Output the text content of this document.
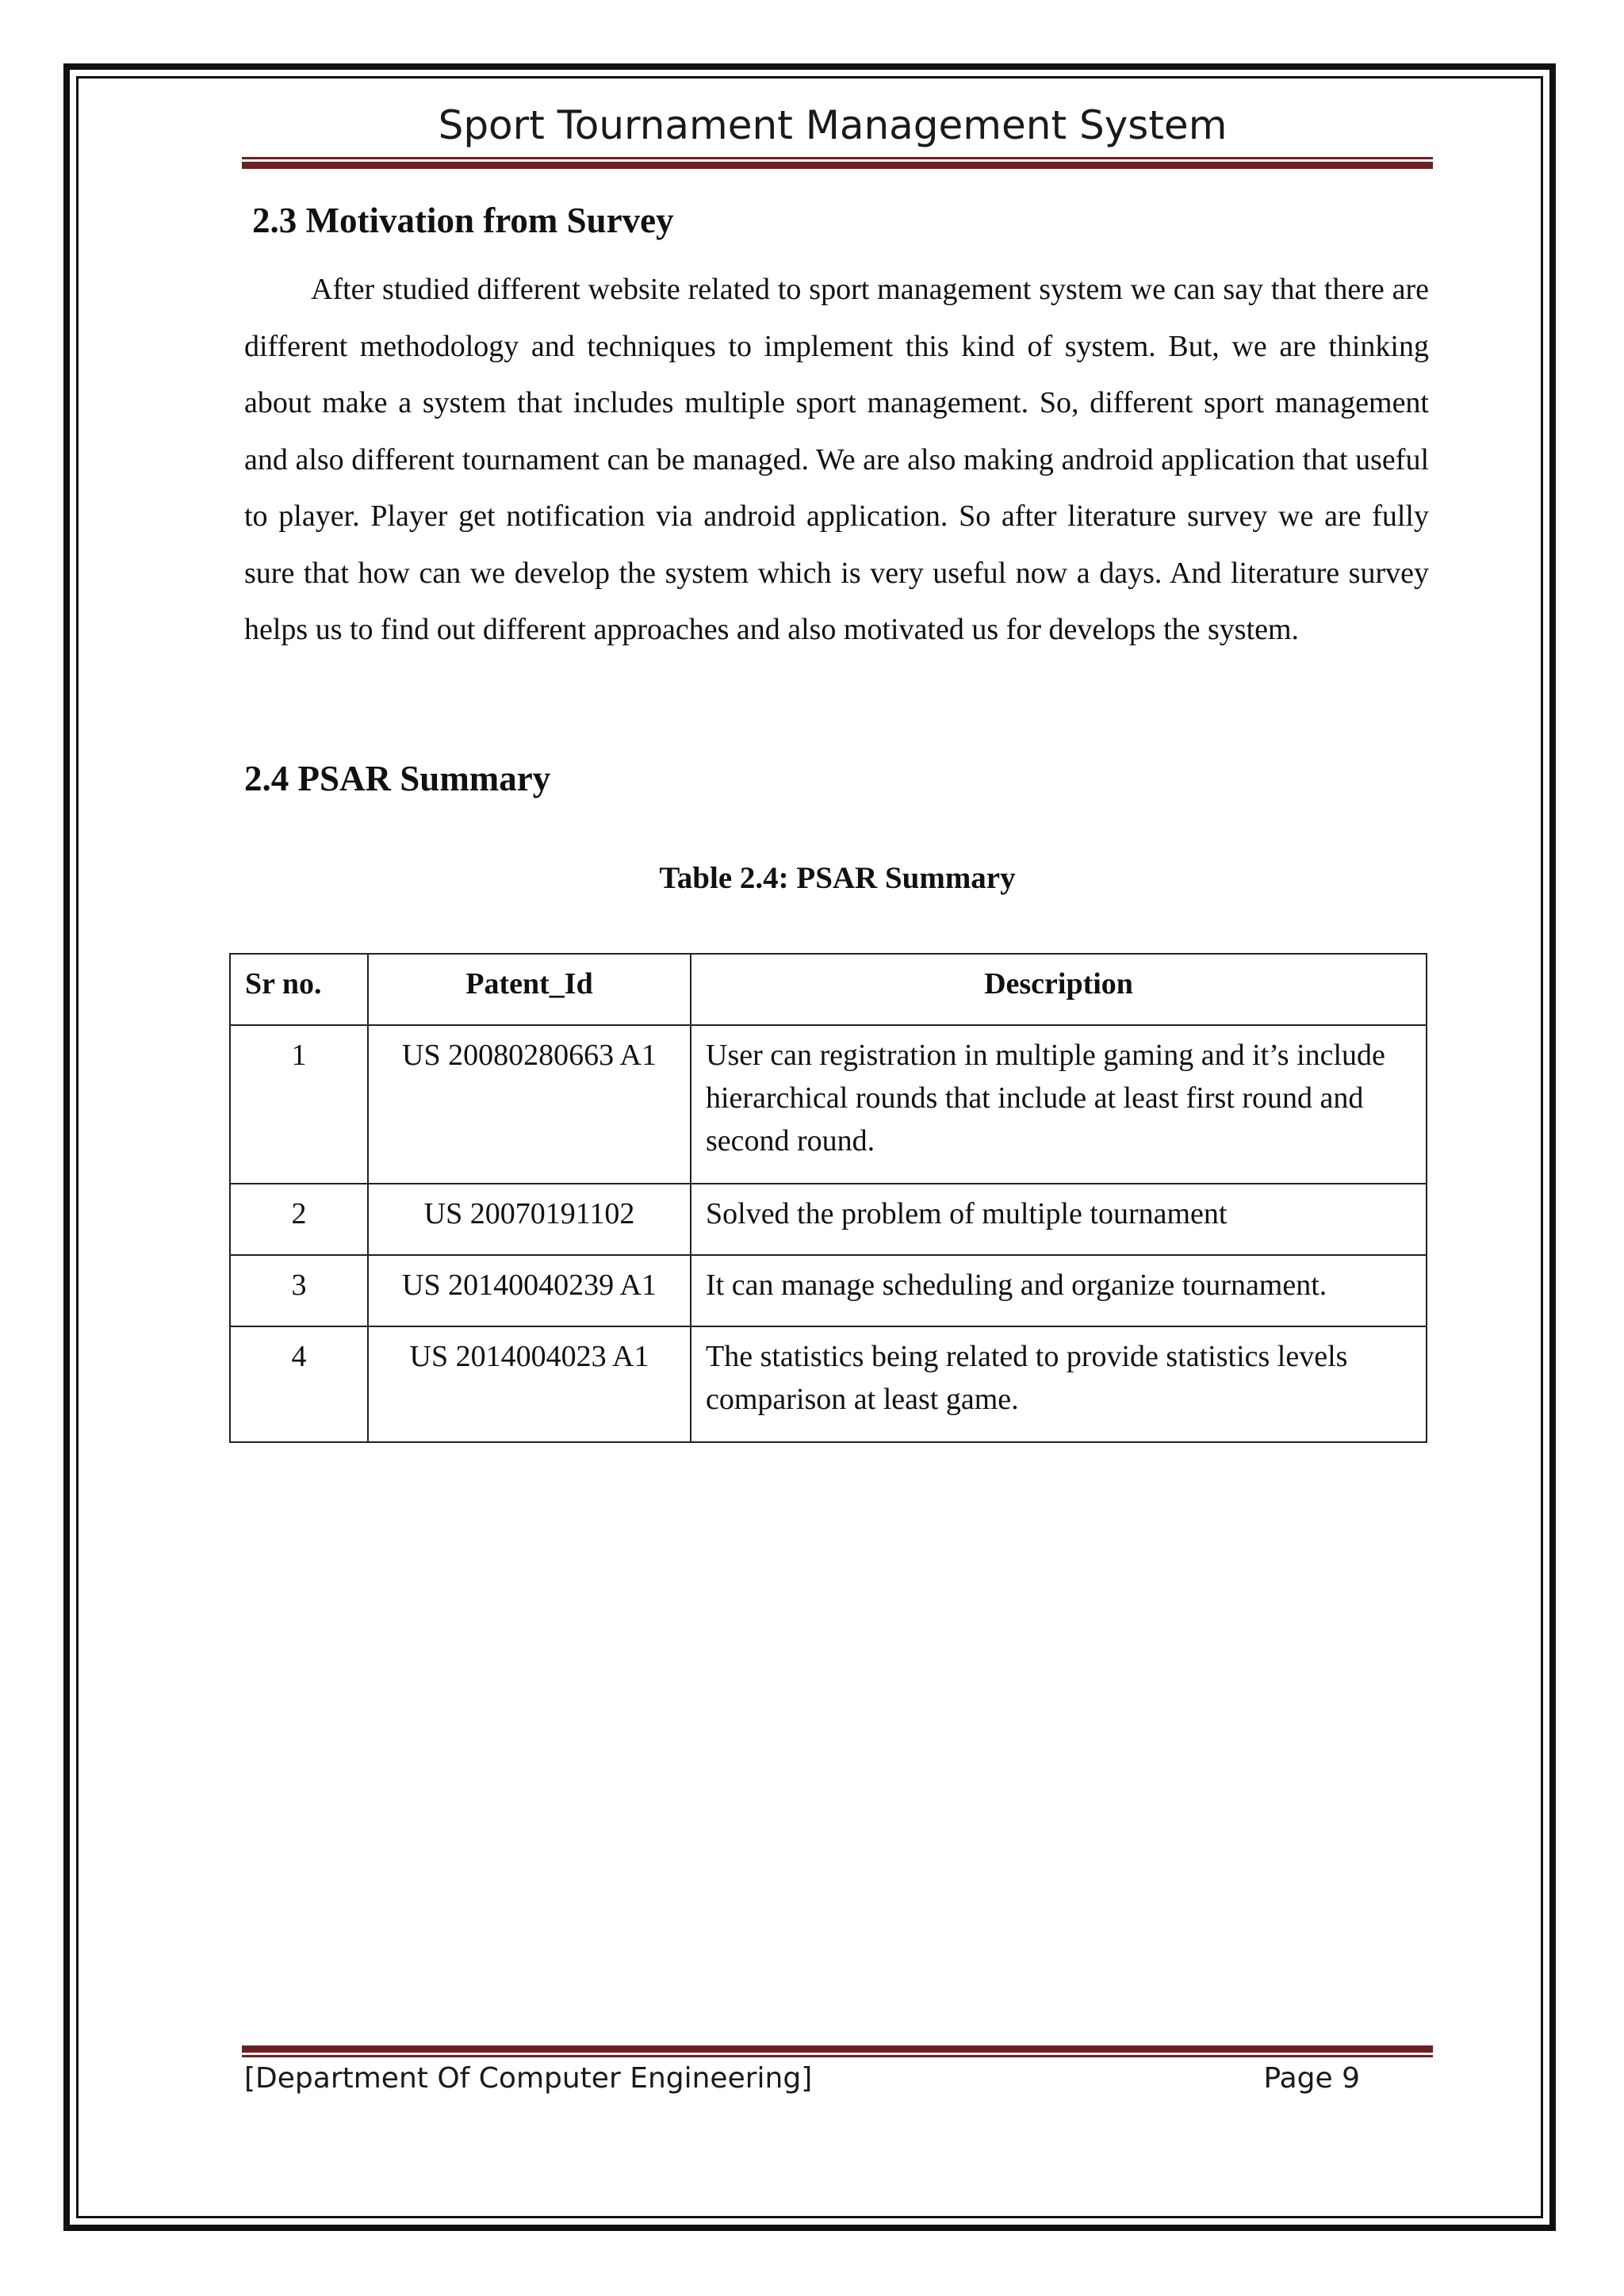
Sport Tournament Management System
2.3 Motivation from Survey

After studied different website related to sport management system we can say that there are different methodology and techniques to implement this kind of system. But, we are thinking about make a system that includes multiple sport management. So, different sport management and also different tournament can be managed. We are also making android application that useful to player. Player get notification via android application. So after literature survey we are fully sure that how can we develop the system which is very useful now a days. And literature survey helps us to find out different approaches and also motivated us for develops the system.

2.4 PSAR Summary
Table 2.4: PSAR Summary
Sr no.	Patent_Id	Description
1	US 20080280663 A1	User can registration in multiple gaming and it’s include hierarchical rounds that include at least first round and second round.
2	US 20070191102	Solved the problem of multiple tournament
3	US 20140040239 A1	It can manage scheduling and organize tournament.
4	US 2014004023 A1	The statistics being related to provide statistics levels comparison at least game.
[Department Of Computer Engineering]	Page 9
